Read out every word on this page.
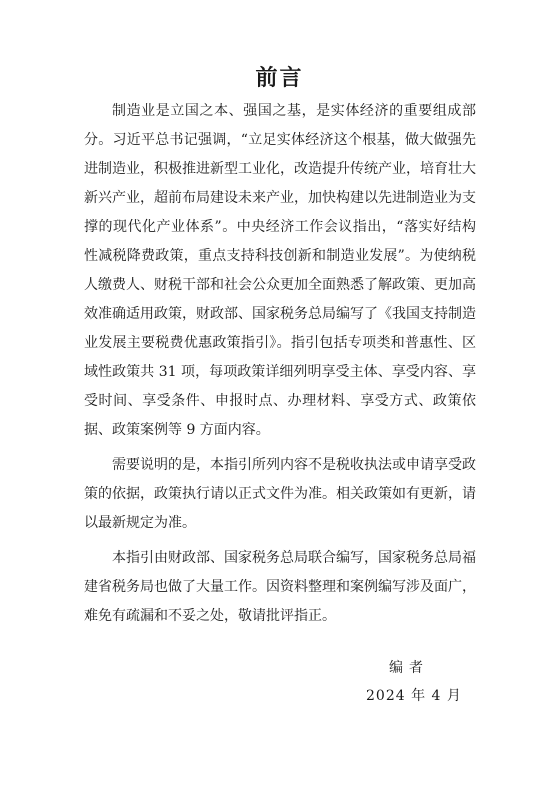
前言

制造业是立国之本、强国之基，是实体经济的重要组成部分。习近平总书记强调，“立足实体经济这个根基，做大做强先进制造业，积极推进新型工业化，改造提升传统产业，培育壮大新兴产业，超前布局建设未来产业，加快构建以先进制造业为支撑的现代化产业体系”。中央经济工作会议指出，“落实好结构性减税降费政策，重点支持科技创新和制造业发展”。为使纳税人缴费人、财税干部和社会公众更加全面熟悉了解政策、更加高效准确适用政策，财政部、国家税务总局编写了《我国支持制造业发展主要税费优惠政策指引》。指引包括专项类和普惠性、区域性政策共 31 项，每项政策详细列明享受主体、享受内容、享受时间、享受条件、申报时点、办理材料、享受方式、政策依据、政策案例等 9 方面内容。

需要说明的是，本指引所列内容不是税收执法或申请享受政策的依据，政策执行请以正式文件为准。相关政策如有更新，请以最新规定为准。

本指引由财政部、国家税务总局联合编写，国家税务总局福建省税务局也做了大量工作。因资料整理和案例编写涉及面广，难免有疏漏和不妥之处，敬请批评指正。

编者
2024 年 4 月
